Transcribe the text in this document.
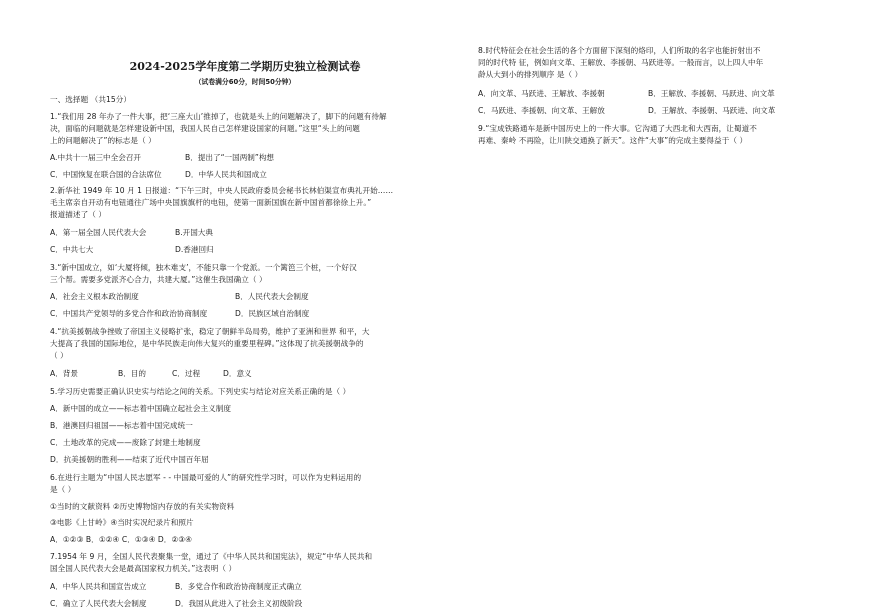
2024-2025学年度第二学期历史独立检测试卷
（试卷满分60分，时间50分钟）
一、选择题 （共15分）
1.“我们用 28 年办了一件大事，把‘三座大山’推掉了，也就是头上的问题解决了，脚下的问题有待解
决，面临的问题就是怎样建设新中国，我国人民自己怎样建设国家的问题。”这里“头上的问题
上的问题解决了”的标志是（ ）
A.中共十一届三中全会召开	B．提出了“一国两制”构想
C．中国恢复在联合国的合法席位	D．中华人民共和国成立
2.新华社 1949 年 10 月 1 日报道：“下午三时，中央人民政府委员会秘书长林伯渠宣布典礼开始……
毛主席亲自开动有电钮通往广场中央国旗旗杆的电钮，使第一面新国旗在新中国首都徐徐上升。”
报道描述了（ ）
A．第一届全国人民代表大会	B.开国大典
C．中共七大	D.香港回归
3.“新中国成立，如‘大厦将倾，独木难支’，不能只靠一个党派。一个篱笆三个桩，一个好汉
三个帮。需要多党派齐心合力，共建大厦。”这催生我国确立（ ）
A．社会主义根本政治制度	B．人民代表大会制度
C．中国共产党领导的多党合作和政治协商制度	D．民族区域自治制度
4.“抗美援朝战争挫败了帝国主义侵略扩张，稳定了朝鲜半岛局势，维护了亚洲和世界 和平，大
大提高了我国的国际地位，是中华民族走向伟大复兴的重要里程碑。”这体现了抗美援朝战争的
（ ）
A．背景	B．目的	C．过程	D．意义
5.学习历史需要正确认识史实与结论之间的关系。下列史实与结论对应关系正确的是（ ）
A．新中国的成立——标志着中国确立起社会主义制度
B．港澳回归祖国——标志着中国完成统一
C．土地改革的完成——废除了封建土地制度
D．抗美援朝的胜利——结束了近代中国百年屈
6.在进行主题为“中国人民志愿军 - - 中国最可爱的人”的研究性学习时，可以作为史料运用的
是（ ）
①当时的文献资料 ②历史博物馆内存放的有关实物资料
③电影《上甘岭》④当时实况纪录片和照片
A．①②③ B．①②④ C．①③④ D．②③④
7.1954 年 9 月，全国人民代表聚集一堂，通过了《中华人民共和国宪法》，规定“中华人民共和
国全国人民代表大会是最高国家权力机关。”这表明（ ）
A．中华人民共和国宣告成立	B．多党合作和政治协商制度正式确立
C．确立了人民代表大会制度	D．我国从此进入了社会主义初级阶段
8.时代特征会在社会生活的各个方面留下深刻的烙印，人们所取的名字也能折射出不
同的时代特 征，例如向文革、王解放、李援朝、马跃进等。一般而言，以上四人中年
龄从大到小的排列顺序 是（ ）
A．向文革、马跃进、王解放、李援朝	B．王解放、李援朝、马跃进、向文革
C．马跃进、李援朝、向文革、王解放	D．王解放、李援朝、马跃进、向文革
9.“宝成铁路通车是新中国历史上的一件大事。它沟通了大西北和大西南，让蜀道不
再难、秦岭 不再险，让川陕交通换了新天”。这件“大事”的完成主要得益于（ ）
